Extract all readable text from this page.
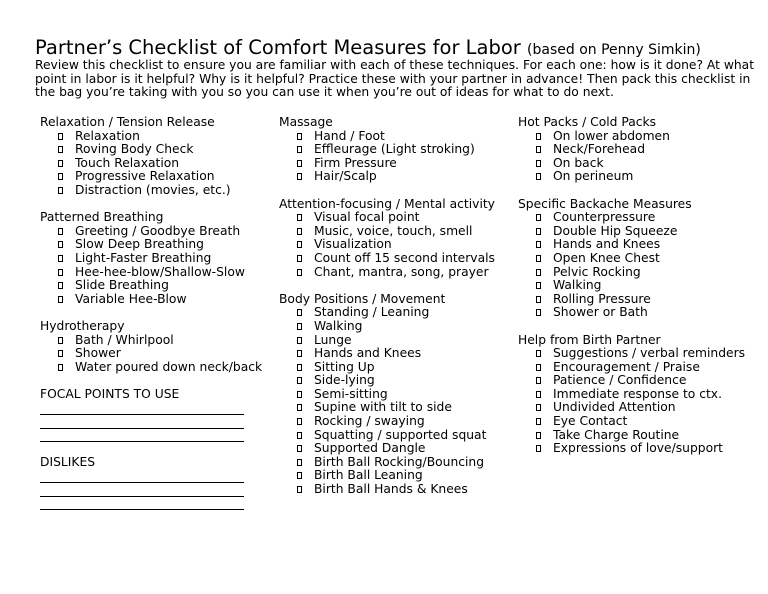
Partner’s Checklist of Comfort Measures for Labor (based on Penny Simkin)

Review this checklist to ensure you are familiar with each of these techniques. For each one: how is it done? At what point in labor is it helpful? Why is it helpful? Practice these with your partner in advance! Then pack this checklist in the bag you’re taking with you so you can use it when you’re out of ideas for what to do next.

Relaxation / Tension Release
Relaxation
Roving Body Check
Touch Relaxation
Progressive Relaxation
Distraction (movies, etc.)
Patterned Breathing
Greeting / Goodbye Breath
Slow Deep Breathing
Light-Faster Breathing
Hee-hee-blow/Shallow-Slow
Slide Breathing
Variable Hee-Blow
Hydrotherapy
Bath / Whirlpool
Shower
Water poured down neck/back
FOCAL POINTS TO USE
DISLIKES
Massage
Hand / Foot
Effleurage (Light stroking)
Firm Pressure
Hair/Scalp
Attention-focusing / Mental activity
Visual focal point
Music, voice, touch, smell
Visualization
Count off 15 second intervals
Chant, mantra, song, prayer
Body Positions / Movement
Standing / Leaning
Walking
Lunge
Hands and Knees
Sitting Up
Side-lying
Semi-sitting
Supine with tilt to side
Rocking / swaying
Squatting / supported squat
Supported Dangle
Birth Ball Rocking/Bouncing
Birth Ball Leaning
Birth Ball Hands & Knees
Hot Packs / Cold Packs
On lower abdomen
Neck/Forehead
On back
On perineum
Specific Backache Measures
Counterpressure
Double Hip Squeeze
Hands and Knees
Open Knee Chest
Pelvic Rocking
Walking
Rolling Pressure
Shower or Bath
Help from Birth Partner
Suggestions / verbal reminders
Encouragement / Praise
Patience / Confidence
Immediate response to ctx.
Undivided Attention
Eye Contact
Take Charge Routine
Expressions of love/support
